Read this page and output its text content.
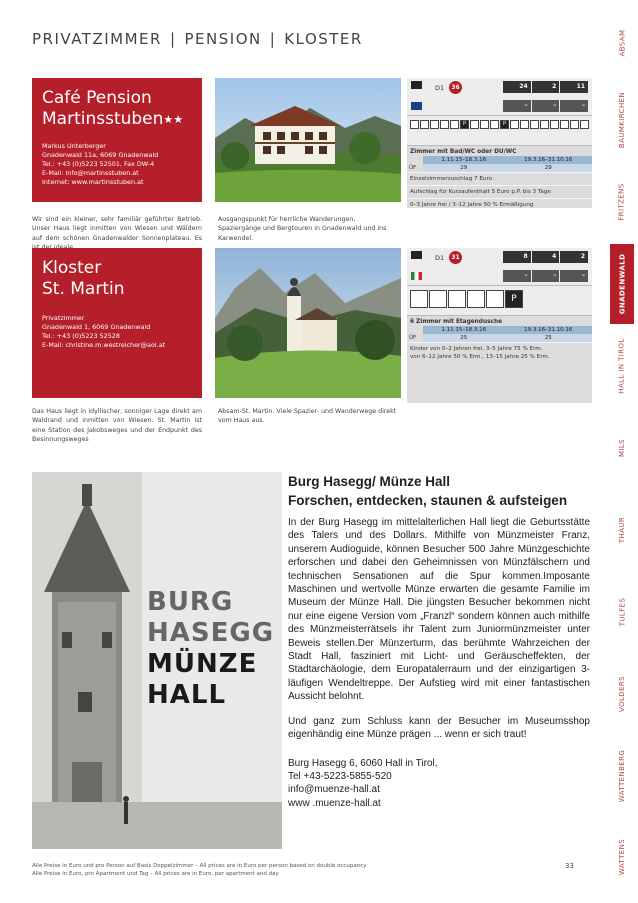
PRIVATZIMMER | PENSION | KLOSTER	ABSAM
BAUMKIRCHEN
FRITZENS
GNADENWALD
HALL IN TIROL
MILS
THAUR
TULFES
VOLDERS
WATTENBERG
WATTENS
Café Pension
Martinsstuben★★
Markus Unterberger
Gnadenwald 11a, 6069 Gnadenwald
Tel.: +43 (0)5223 52501, Fax DW-4
E-Mail: info@martinsstuben.at
Internet: www.martinsstuben.at
D1	36	24	2	11
–	–	–
P	P
Zimmer mit Bad/WC oder DU/WC
	1.11.15–18.3.16	19.3.16–31.10.16
ÜF	29	29
Einzelzimmerzuschlag 7 Euro
Aufschlag für Kurzaufenthalt 5 Euro p.P. bis 3 Tage
0–3 Jahre frei / 3–12 Jahre 50 % Ermäßigung
Wir sind ein kleiner, sehr familiär geführter Betrieb. Unser Haus liegt inmitten von Wiesen und Wäldern auf dem schönen Gnadenwalder Sonnenplateau. Es
Ausgangspunkt für herrliche Wanderungen, Spaziergänge und Bergtouren in Gnadenwald und ins Karwendel.
Kloster
St. Martin
Privatzimmer
Gnadenwald 1, 6069 Gnadenwald
Tel.: +43 (0)5223 52528
E-Mail: christine.m.westreicher@aol.at
D1	31	8	4	2
–	–	–
P
6 Zimmer mit Etagendusche
	1.11.15–18.3.16	19.3.16–31.10.16
ÜF	25	25
Kinder von 0–2 Jahren frei, 3–5 Jahre 75 % Erm.
von 6–12 Jahre 50 % Erm., 13–15 Jahre 25 % Erm.
Das Haus liegt in idyllischer, sonniger Lage direkt am Waldrand und inmitten von Wiesen. St. Martin ist eine Station des Jakobsweges und der Endpunkt des Besinnungsweges
Absam-St. Martin. Viele Spazier- und Wanderwege direkt vom Haus aus.
BURG
HASEGG
MÜNZE
HALL
Burg Hasegg/ Münze Hall
Forschen, entdecken, staunen & aufsteigen

In der Burg Hasegg im mittelalterlichen Hall liegt die Geburtsstätte des Talers und des Dollars. Mithilfe von Münzmeister Franz, unserem Audioguide, können Besucher 500 Jahre Münzgeschichte erforschen und dabei den Geheimnissen von Münzfälschern und technischen Sensationen auf die Spur kommen.Imposante Maschinen und wertvolle Münze erwarten die gesamte Familie im Museum der Münze Hall. Die jüngsten Besucher bekommen nicht nur eine eigene Version vom „Franzl“ sondern können auch mithilfe des Münzmeisterrätsels ihr Talent zum Juniormünzmeister unter Beweis stellen.Der Münzerturm, das berühmte Wahrzeichen der Stadt Hall, fasziniert mit Licht- und Geräuscheffekten, der Stadtarchäologie, dem Europatalerraum und der einzigartigen 3-läufigen Wendeltreppe. Der Aufstieg wird mit einer fantastischen Aussicht belohnt.

Und ganz zum Schluss kann der Besucher im Museumsshop eigenhändig eine Münze prägen ... wenn er sich traut!

Burg Hasegg 6, 6060 Hall in Tirol,
Tel +43-5223-5855-520
info@muenze-hall.at
www .muenze-hall.at
Alle Preise in Euro und pro Person auf Basis Doppelzimmer – All prices are in Euro per person based on double occupancy
Alle Preise in Euro, pro Apartment und Tag – All prices are in Euro, per apartment and day
33
